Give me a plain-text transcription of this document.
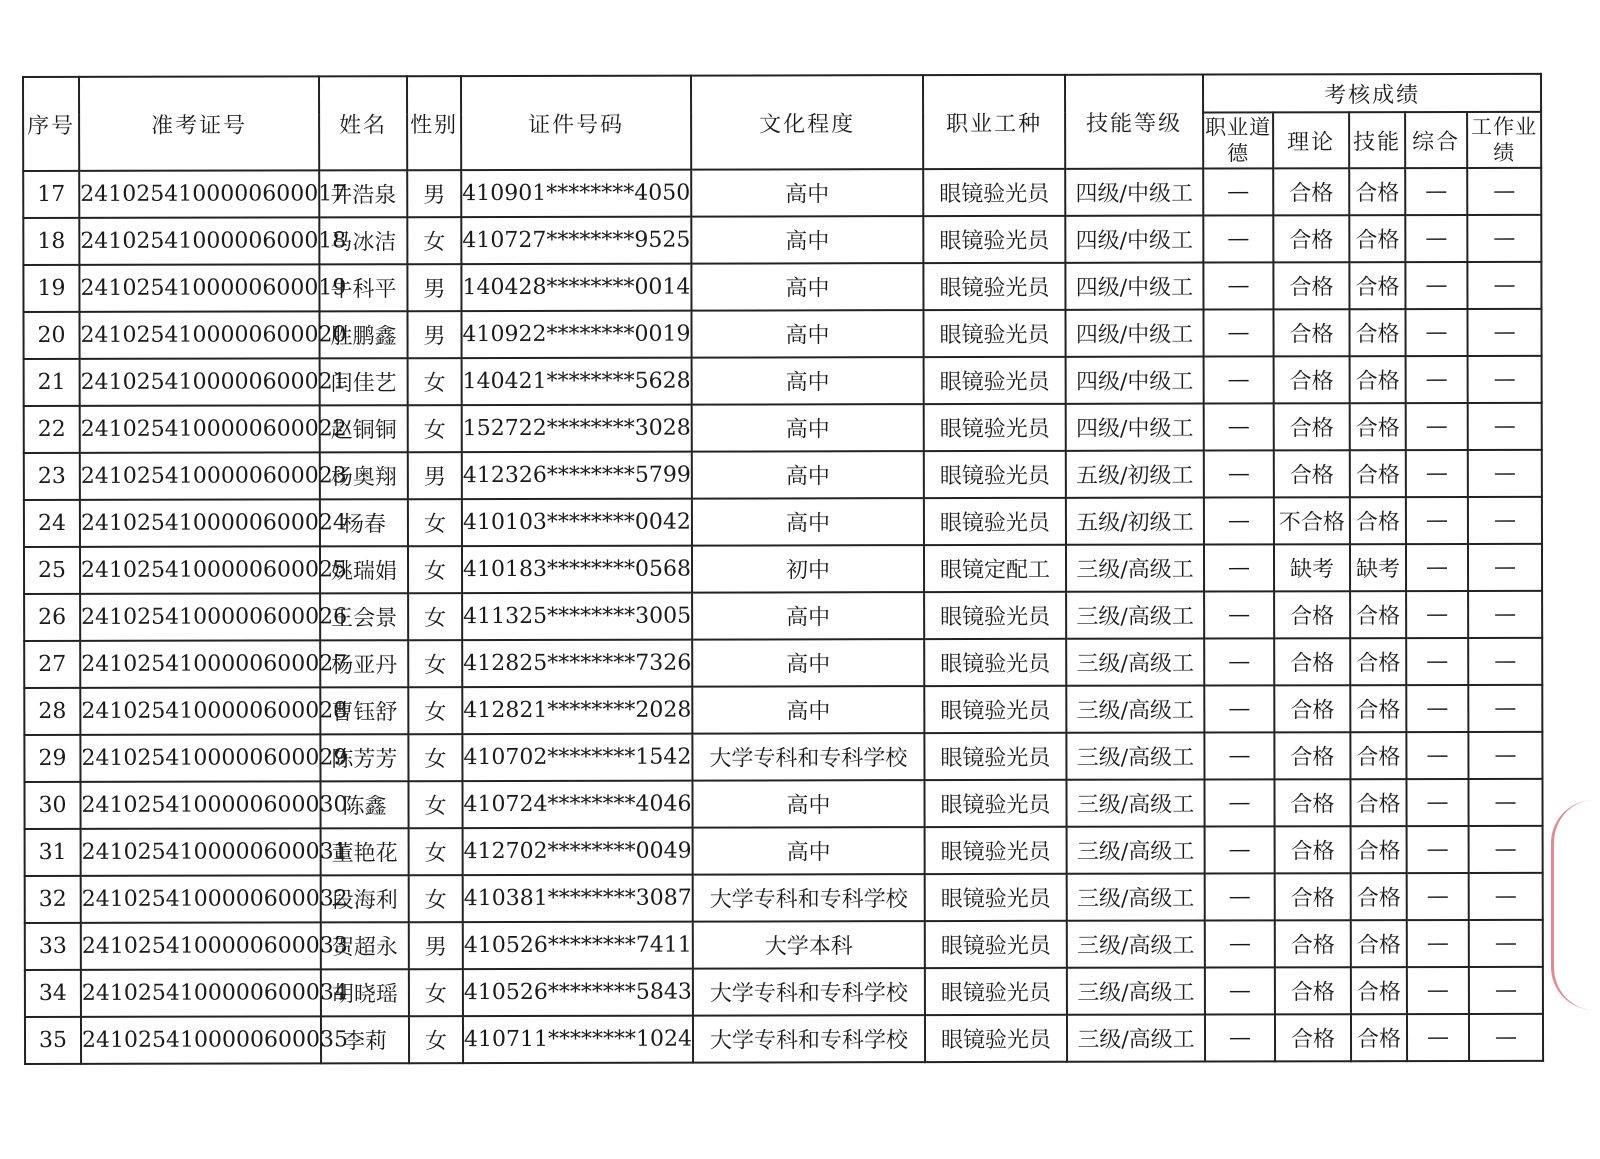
序号	准考证号	姓名	性别	证件号码	文化程度	职业工种	技能等级	考核成绩				
								职业道德	理论	技能	综合	工作业绩
17	2410254100000600017	井浩泉	男	410901********4050	高中	眼镜验光员	四级/中级工	—	合格	合格	—	—
18	2410254100000600018	马冰洁	女	410727********9525	高中	眼镜验光员	四级/中级工	—	合格	合格	—	—
19	2410254100000600019	牛科平	男	140428********0014	高中	眼镜验光员	四级/中级工	—	合格	合格	—	—
20	2410254100000600020	胜鹏鑫	男	410922********0019	高中	眼镜验光员	四级/中级工	—	合格	合格	—	—
21	2410254100000600021	闫佳艺	女	140421********5628	高中	眼镜验光员	四级/中级工	—	合格	合格	—	—
22	2410254100000600022	赵铜铜	女	152722********3028	高中	眼镜验光员	四级/中级工	—	合格	合格	—	—
23	2410254100000600023	杨奥翔	男	412326********5799	高中	眼镜验光员	五级/初级工	—	合格	合格	—	—
24	2410254100000600024	杨春	女	410103********0042	高中	眼镜验光员	五级/初级工	—	不合格	合格	—	—
25	2410254100000600025	姚瑞娟	女	410183********0568	初中	眼镜定配工	三级/高级工	—	缺考	缺考	—	—
26	2410254100000600026	王会景	女	411325********3005	高中	眼镜验光员	三级/高级工	—	合格	合格	—	—
27	2410254100000600027	杨亚丹	女	412825********7326	高中	眼镜验光员	三级/高级工	—	合格	合格	—	—
28	2410254100000600028	曹钰舒	女	412821********2028	高中	眼镜验光员	三级/高级工	—	合格	合格	—	—
29	2410254100000600029	陈芳芳	女	410702********1542	大学专科和专科学校	眼镜验光员	三级/高级工	—	合格	合格	—	—
30	2410254100000600030	陈鑫	女	410724********4046	高中	眼镜验光员	三级/高级工	—	合格	合格	—	—
31	2410254100000600031	董艳花	女	412702********0049	高中	眼镜验光员	三级/高级工	—	合格	合格	—	—
32	2410254100000600032	段海利	女	410381********3087	大学专科和专科学校	眼镜验光员	三级/高级工	—	合格	合格	—	—
33	2410254100000600033	贺超永	男	410526********7411	大学本科	眼镜验光员	三级/高级工	—	合格	合格	—	—
34	2410254100000600034	胡晓瑶	女	410526********5843	大学专科和专科学校	眼镜验光员	三级/高级工	—	合格	合格	—	—
35	2410254100000600035	李莉	女	410711********1024	大学专科和专科学校	眼镜验光员	三级/高级工	—	合格	合格	—	—
